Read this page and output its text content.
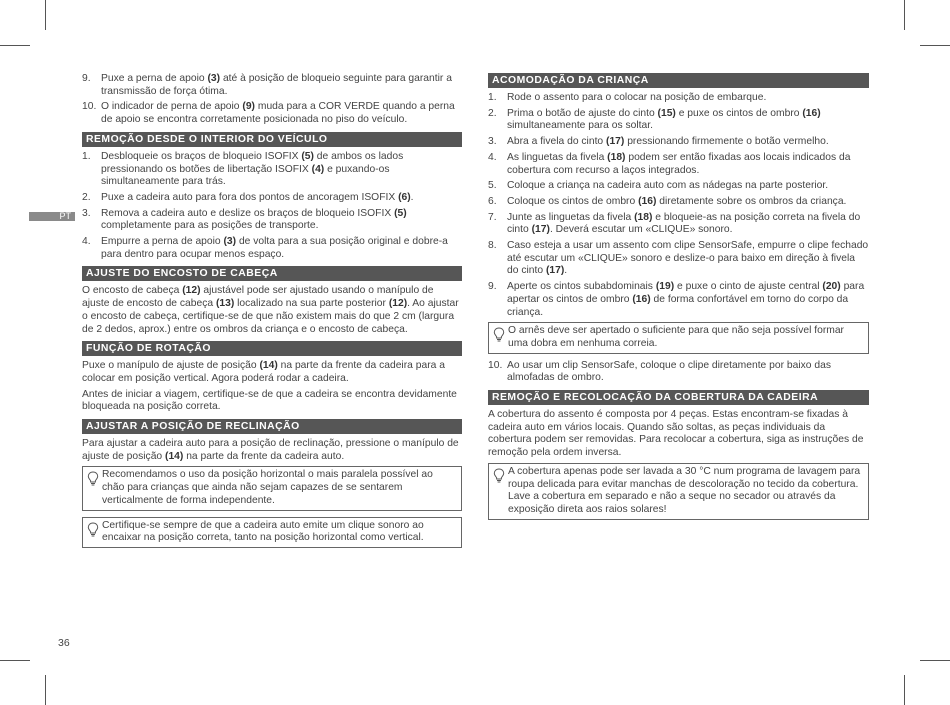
PT
36
9. Puxe a perna de apoio (3) até à posição de bloqueio seguinte para garantir a transmissão de força ótima.
10. O indicador de perna de apoio (9) muda para a COR VERDE quando a perna de apoio se encontra corretamente posicionada no piso do veículo.
REMOÇÃO DESDE O INTERIOR DO VEÍCULO
1. Desbloqueie os braços de bloqueio ISOFIX (5) de ambos os lados pressionando os botões de libertação ISOFIX (4) e puxando-os simultaneamente para trás.
2. Puxe a cadeira auto para fora dos pontos de ancoragem ISOFIX (6).
3. Remova a cadeira auto e deslize os braços de bloqueio ISOFIX (5) completamente para as posições de transporte.
4. Empurre a perna de apoio (3) de volta para a sua posição original e dobre-a para dentro para ocupar menos espaço.
AJUSTE DO ENCOSTO DE CABEÇA

O encosto de cabeça (12) ajustável pode ser ajustado usando o manípulo de ajuste de encosto de cabeça (13) localizado na sua parte posterior (12). Ao ajustar o encosto de cabeça, certifique-se de que não existem mais do que 2 cm (largura de 2 dedos, aprox.) entre os ombros da criança e o encosto de cabeça.

FUNÇÃO DE ROTAÇÃO

Puxe o manípulo de ajuste de posição (14) na parte da frente da cadeira para a colocar em posição vertical. Agora poderá rodar a cadeira.

Antes de iniciar a viagem, certifique-se de que a cadeira se encontra devidamente bloqueada na posição correta.

AJUSTAR A POSIÇÃO DE RECLINAÇÃO

Para ajustar a cadeira auto para a posição de reclinação, pressione o manípulo de ajuste de posição (14) na parte da frente da cadeira auto.

Recomendamos o uso da posição horizontal o mais paralela possível ao chão para crianças que ainda não sejam capazes de se sentarem verticalmente de forma independente.
Certifique-se sempre de que a cadeira auto emite um clique sonoro ao encaixar na posição correta, tanto na posição horizontal como vertical.
ACOMODAÇÃO DA CRIANÇA
1. Rode o assento para o colocar na posição de embarque.
2. Prima o botão de ajuste do cinto (15) e puxe os cintos de ombro (16) simultaneamente para os soltar.
3. Abra a fivela do cinto (17) pressionando firmemente o botão vermelho.
4. As linguetas da fivela (18) podem ser então fixadas aos locais indicados da cobertura com recurso a laços integrados.
5. Coloque a criança na cadeira auto com as nádegas na parte posterior.
6. Coloque os cintos de ombro (16) diretamente sobre os ombros da criança.
7. Junte as linguetas da fivela (18) e bloqueie-as na posição correta na fivela do cinto (17). Deverá escutar um «CLIQUE» sonoro.
8. Caso esteja a usar um assento com clipe SensorSafe, empurre o clipe fechado até escutar um «CLIQUE» sonoro e deslize-o para baixo em direção à fivela do cinto (17).
9. Aperte os cintos subabdominais (19) e puxe o cinto de ajuste central (20) para apertar os cintos de ombro (16) de forma confortável em torno do corpo da criança.
O arnês deve ser apertado o suficiente para que não seja possível formar uma dobra em nenhuma correia.
10. Ao usar um clip SensorSafe, coloque o clipe diretamente por baixo das almofadas de ombro.
REMOÇÃO E RECOLOCAÇÃO DA COBERTURA DA CADEIRA

A cobertura do assento é composta por 4 peças. Estas encontram-se fixadas à cadeira auto em vários locais. Quando são soltas, as peças individuais da cobertura podem ser removidas. Para recolocar a cobertura, siga as instruções de remoção pela ordem inversa.

A cobertura apenas pode ser lavada a 30 °C num programa de lavagem para roupa delicada para evitar manchas de descoloração no tecido da cobertura. Lave a cobertura em separado e não a seque no secador ou através da exposição direta aos raios solares!
